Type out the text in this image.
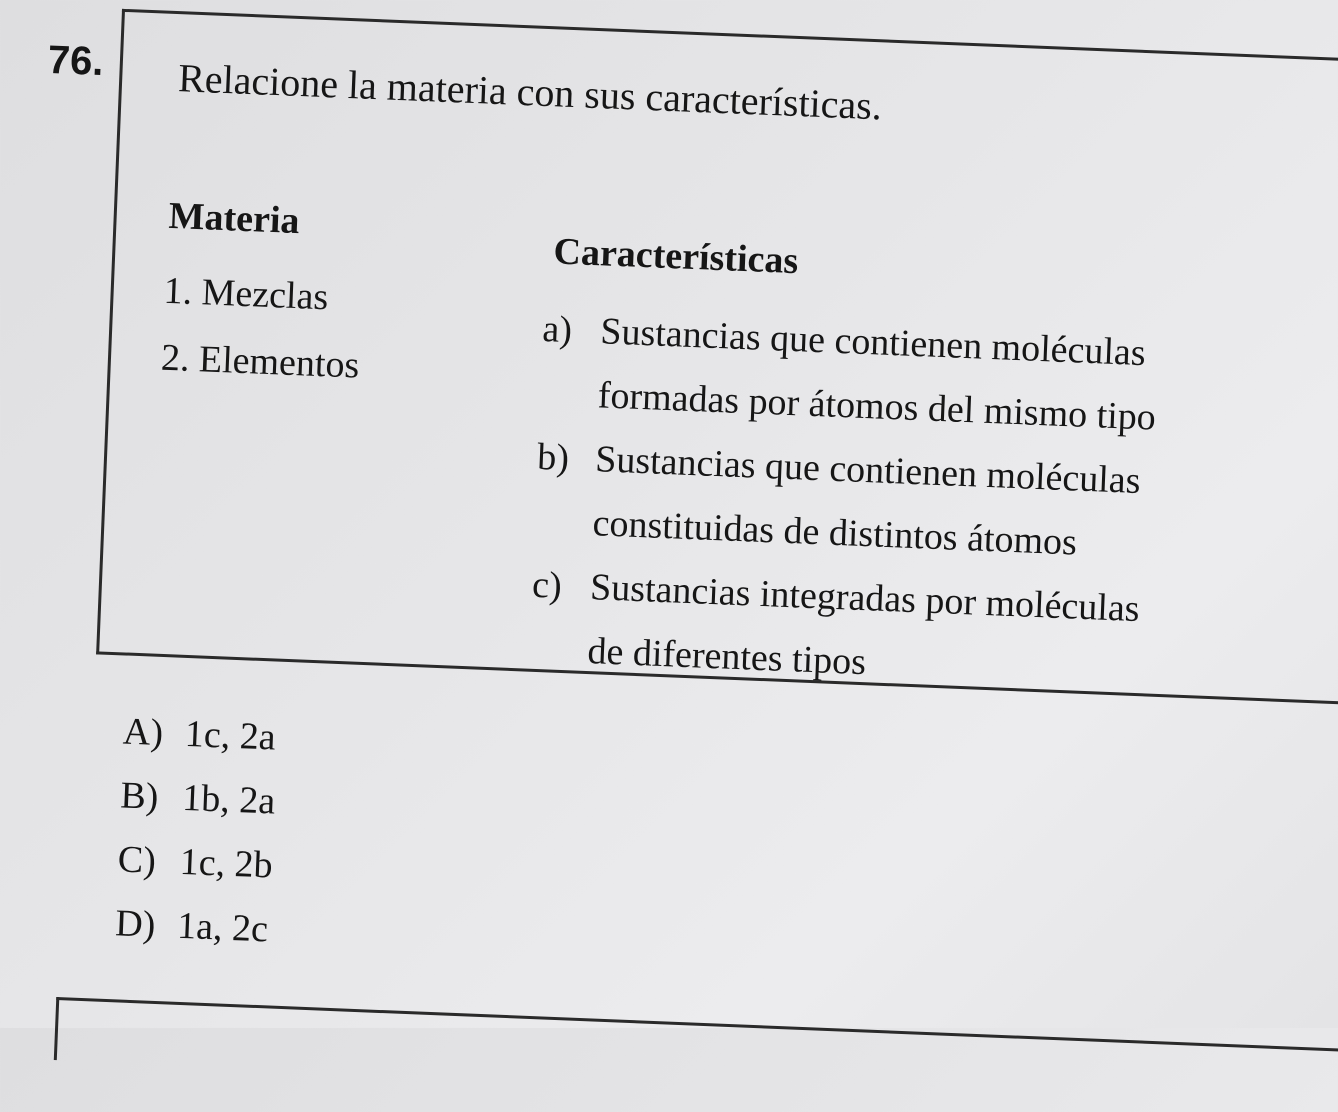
76. Relacione la materia con sus características.
Materia
Características
1. Mezclas
2. Elementos
a) Sustancias que contienen moléculas
formadas por átomos del mismo tipo
b) Sustancias que contienen moléculas
constituidas de distintos átomos
c) Sustancias integradas por moléculas
de diferentes tipos
A) 1c, 2a
B) 1b, 2a
C) 1c, 2b
D) 1a, 2c
